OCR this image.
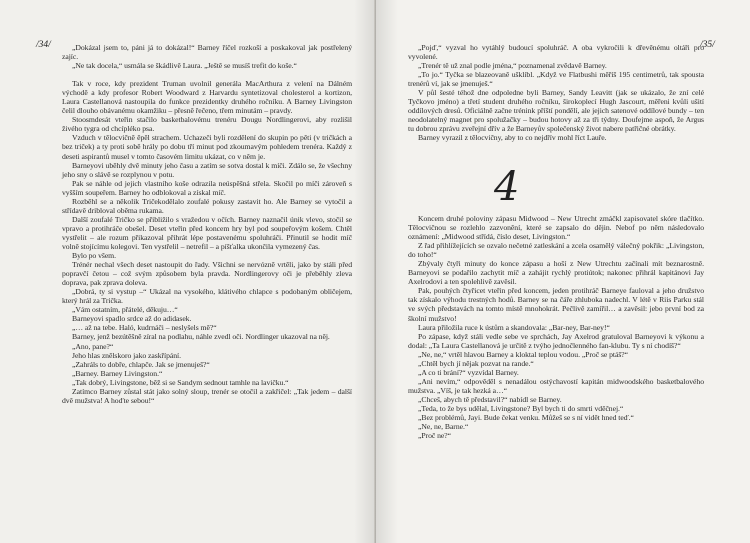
/34/	„Dokázal jsem to, páni já to dokázal!“ Barney říčel rozkoší a poskakoval jak postřelený zajíc.

„Ne tak docela,“ usmála se škádlivě Laura. „Ještě se musíš trefit do koše.“

Tak v roce, kdy prezident Truman uvolnil generála MacArthura z velení na Dálném východě a kdy profesor Robert Woodward z Harvardu syntetizoval cholesterol a kortizon, Laura Castellanová nastoupila do funkce prezidentky druhého ročníku. A Barney Livingston čelil dlouho obávanému okamžiku – přesně řečeno, třem minutám – pravdy.

Stoosmdesát vteřin stačilo basketbalovému trenéru Dougu Nordlingerovi, aby rozlišil živého tygra od chcípléko psa.

Vzduch v tělocvičně ěpěl strachem. Uchazeči byli rozdělení do skupin po pěti (v tričkách a bez triček) a ty proti sobě hrály po dobu tří minut pod zkoumavým pohledem trenéra. Každý z deseti aspirantů musel v tomto časovém limitu ukázat, co v něm je.

Barneyovi uběhly dvě minuty jeho času a zatím se sotva dostal k míči. Zdálo se, že všechny jeho sny o slávě se rozplynou v potu.

Pak se náhle od jejich vlastního koše odrazila neúspěšná střela. Skočil po míči zároveň s vyšším soupeřem. Barney ho odblokoval a získal míč.

Rozběhl se a několik Tričekodělalo zoufalé pokusy zastavit ho. Ale Barney se vytočil a střídavě dribloval oběma rukama.

Další zoufalé Tričko se přibližilo s vražedou v očích. Barney naznačil únik vlevo, stočil se vpravo a protihráče obešel. Deset vteřin před koncem hry byl pod soupeřovým košem. Chtěl vystřelit – ale rozum přikazoval přihrát lépe postavenému spoluhráči. Přinutil se hodit míč volně stojícímu kolegovi. Ten vystřelil – netrefil – a píšťalka ukončila vymezený čas.

Bylo po všem.

Trénér nechal všech deset nastoupit do řady. Všichni se nervózně vrtěli, jako by stáli před popravčí četou – což svým způsobem byla pravda. Nordlingerovy oči je přeběhly zleva doprava, pak zprava doleva.

„Dobrá, ty si vystup –“ Ukázal na vysokého, klátivého chlapce s podobaným obličejem, který hrál za Trička.

„Vám ostatním, přátelé, děkuju…“

Barneyovi spadlo srdce až do adidasek.

„… až na tebe. Haló, kudrnáči – neslyšels mě?“

Barney, jenž bezútěšně zíral na podlahu, náhle zvedl oči. Nordlinger ukazoval na něj.

„Ano, pane?“

Jeho hlas znělskoro jako zaskřípání.

„Zahráls to dobře, chlapče. Jak se jmenuješ?“

„Barney. Barney Livingston.“

„Tak dobrý, Livingstone, běž si se Sandym sednout tamhle na lavičku.“

Zatímco Barney zůstal stát jako solný sloup, trenér se otočil a zakřičel: „Tak jedem – další dvě mužstva! A hoďte sebou!“

/35/

„Pojď,“ vyzval ho vytáhlý budoucí spoluhráč. A oba vykročili k dřevěnému oltáři pro vyvolené.

„Trenér tě už znal podle jména,“ poznamenal zvědavě Barney.

„To jo.“ Tyčka se blazeovaně ušklíbl. „Když ve Flatbushi měříš 195 centimetrů, tak spousta trenérů ví, jak se jmenuješ.“

V půl šesté téhož dne odpoledne byli Barney, Sandy Leavitt (jak se ukázalo, že zní celé Tyčkovo jméno) a třetí student druhého ročníku, širokoplecí Hugh Jascourt, měřeni kvůli ušití oddílových dresů. Oficiálně začne trénink příští pondělí, ale jejich satenové oddílové bundy – ten neodolatelný magnet pro spolužačky – budou hotovy až za tři týdny. Doufejme aspoň, že Argus tu dobrou zprávu zveřejní dřív a že Barneyův společenský život nabere patřičné obrátky.

Barney vyrazil z tělocvičny, aby to co nejdřív mohl říct Lauře.

4

Koncem druhé poloviny zápasu Midwood – New Utrecht zmáčkl zapisovatel skóre tlačítko. Tělocvičnou se rozlehlo zazvonění, které se zapsalo do dějin. Nebof po něm následovalo oznámení: „Midwood střídá, číslo deset, Livingston.“

Z řad přihlížejících se ozvalo nečetné zatleskání a zcela osamělý válečný pokřik: „Livingston, do toho!“

Zbývaly čtyři minuty do konce zápasu a hoší z New Utrechtu začínali mít beznarostně. Barneyovi se podařilo zachytit míč a zahájit rychlý protiútok; nakonec přihrál kapitánovi Jay Axelrodovi a ten spolehlivě zavěsil.

Pak, pouhých čtyřicet vteřin před koncem, jeden protihráč Barneye fauloval a jeho družstvo tak získalo výhodu trestných hodů. Barney se na čáře zhluboka nadechl. V létě v Riis Parku stál ve svých představách na tomto místě mnohokrát. Pečlivě zamířil… a zavěsil: jebo první bod za školní mužstvo!

Laura přiložila ruce k ústům a skandovala: „Bar-ney, Bar-ney!“

Po zápase, když stáli vedle sebe ve sprchách, Jay Axelrod gratuloval Barneyovi k výkonu a dodal: „Ta Laura Castellanová je určitě z tvýho jednočlenného fan-klubu. Ty s ní chodíš?“

„Ne, ne,“ vrtěl hlavou Barney a kloktal teplou vodou. „Proč se ptáš?“

„Chtěl bych jí nějak pozvat na rande.“

„A co ti brání?“ vyzvídal Barney.

„Ani nevím,“ odpověděl s nenadálou ostýchavostí kapitán midwoodského basketbalového mužstva. „Víš, je tak hezká a…“

„Chceš, abych tě představil?“ nabídl se Barney.

„Teda, to že bys udělal, Livingstone? Byl bych ti do smrti vděčnej.“

„Bez problémů, Jayi. Bude čekat venku. Můžeš se s ní vidět hned teď.“

„Ne, ne, Barne.“

„Proč ne?“
